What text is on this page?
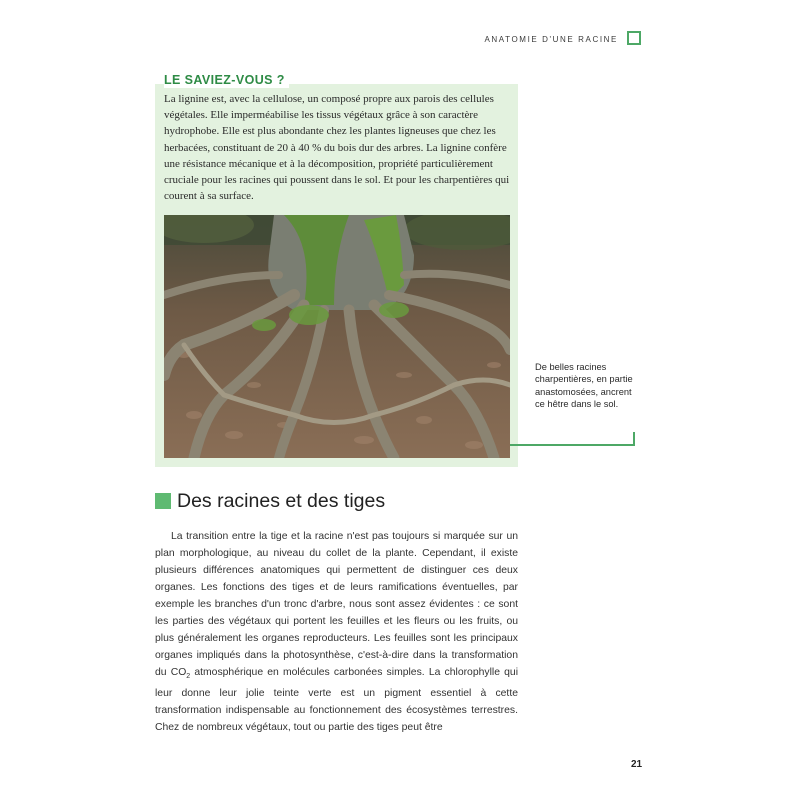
ANATOMIE D'UNE RACINE
LE SAVIEZ-VOUS ?

La lignine est, avec la cellulose, un composé propre aux parois des cellules végétales. Elle imperméabilise les tissus végétaux grâce à son caractère hydrophobe. Elle est plus abondante chez les plantes ligneuses que chez les herbacées, constituant de 20 à 40 % du bois dur des arbres. La lignine confère une résistance mécanique et à la décomposition, propriété particulièrement cruciale pour les racines qui poussent dans le sol. Et pour les charpentières qui courent à sa surface.

De belles racines charpentières, en partie anastomosées, ancrent ce hêtre dans le sol.

Des racines et des tiges

La transition entre la tige et la racine n'est pas toujours si marquée sur un plan morphologique, au niveau du collet de la plante. Cependant, il existe plusieurs différences anatomiques qui permettent de distinguer ces deux organes. Les fonctions des tiges et de leurs ramifications éventuelles, par exemple les branches d'un tronc d'arbre, nous sont assez évidentes : ce sont les parties des végétaux qui portent les feuilles et les fleurs ou les fruits, ou plus généralement les organes reproducteurs. Les feuilles sont les principaux organes impliqués dans la photosynthèse, c'est-à-dire dans la transformation du $CO_2$ atmosphérique en molécules carbonées simples. La chlorophylle qui leur donne leur jolie teinte verte est un pigment essentiel à cette transformation indispensable au fonctionnement des écosystèmes terrestres. Chez de nombreux végétaux, tout ou partie des tiges peut être

21
